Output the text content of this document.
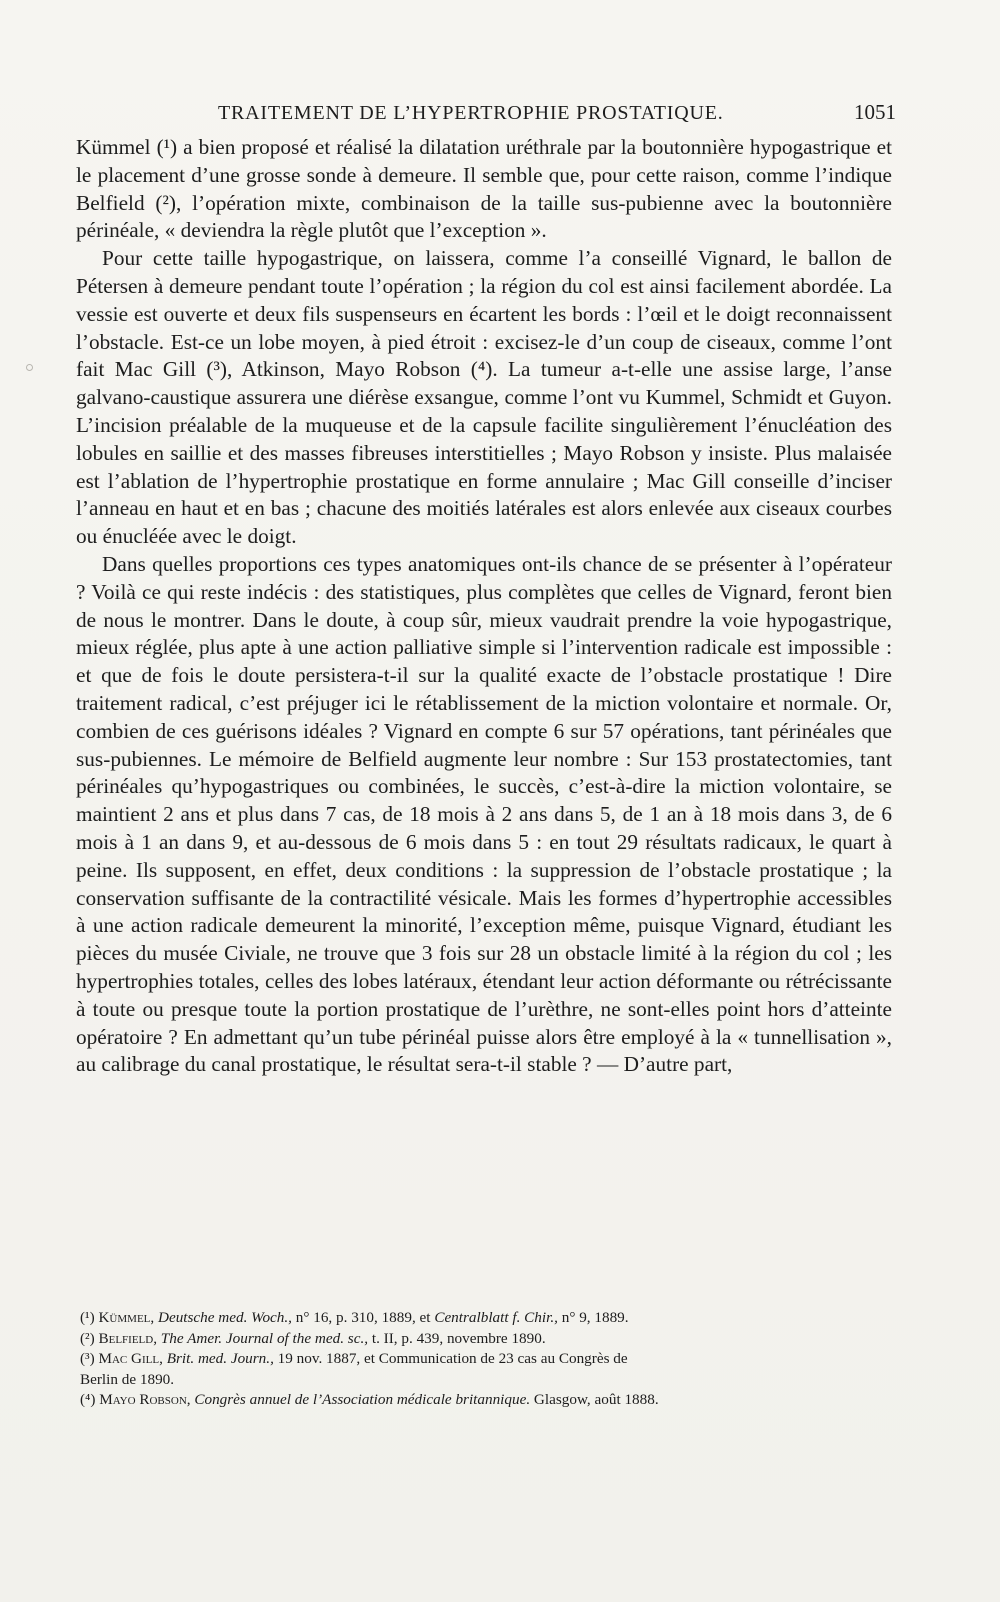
TRAITEMENT DE L’HYPERTROPHIE PROSTATIQUE.	1051

Kümmel (¹) a bien proposé et réalisé la dilatation uréthrale par la boutonnière hypogastrique et le placement d’une grosse sonde à demeure. Il semble que, pour cette raison, comme l’indique Belfield (²), l’opération mixte, combinaison de la taille sus-pubienne avec la boutonnière périnéale, « deviendra la règle plutôt que l’exception ».

Pour cette taille hypogastrique, on laissera, comme l’a conseillé Vignard, le ballon de Pétersen à demeure pendant toute l’opération ; la région du col est ainsi facilement abordée. La vessie est ouverte et deux fils suspenseurs en écartent les bords : l’œil et le doigt reconnaissent l’obstacle. Est-ce un lobe moyen, à pied étroit : excisez-le d’un coup de ciseaux, comme l’ont fait Mac Gill (³), Atkinson, Mayo Robson (⁴). La tumeur a-t-elle une assise large, l’anse galvano-caustique assurera une diérèse exsangue, comme l’ont vu Kummel, Schmidt et Guyon. L’incision préalable de la muqueuse et de la capsule facilite singulièrement l’énucléation des lobules en saillie et des masses fibreuses interstitielles ; Mayo Robson y insiste. Plus malaisée est l’ablation de l’hypertrophie prostatique en forme annulaire ; Mac Gill conseille d’inciser l’anneau en haut et en bas ; chacune des moitiés latérales est alors enlevée aux ciseaux courbes ou énucléée avec le doigt.

Dans quelles proportions ces types anatomiques ont-ils chance de se présenter à l’opérateur ? Voilà ce qui reste indécis : des statistiques, plus complètes que celles de Vignard, feront bien de nous le montrer. Dans le doute, à coup sûr, mieux vaudrait prendre la voie hypogastrique, mieux réglée, plus apte à une action palliative simple si l’intervention radicale est impossible : et que de fois le doute persistera-t-il sur la qualité exacte de l’obstacle prostatique ! Dire traitement radical, c’est préjuger ici le rétablissement de la miction volontaire et normale. Or, combien de ces guérisons idéales ? Vignard en compte 6 sur 57 opérations, tant périnéales que sus-pubiennes. Le mémoire de Belfield augmente leur nombre : Sur 153 prostatectomies, tant périnéales qu’hypogastriques ou combinées, le succès, c’est-à-dire la miction volontaire, se maintient 2 ans et plus dans 7 cas, de 18 mois à 2 ans dans 5, de 1 an à 18 mois dans 3, de 6 mois à 1 an dans 9, et au-dessous de 6 mois dans 5 : en tout 29 résultats radicaux, le quart à peine. Ils supposent, en effet, deux conditions : la suppression de l’obstacle prostatique ; la conservation suffisante de la contractilité vésicale. Mais les formes d’hypertrophie accessibles à une action radicale demeurent la minorité, l’exception même, puisque Vignard, étudiant les pièces du musée Civiale, ne trouve que 3 fois sur 28 un obstacle limité à la région du col ; les hypertrophies totales, celles des lobes latéraux, étendant leur action déformante ou rétrécissante à toute ou presque toute la portion prostatique de l’urèthre, ne sont-elles point hors d’atteinte opératoire ? En admettant qu’un tube périnéal puisse alors être employé à la « tunnellisation », au calibrage du canal prostatique, le résultat sera-t-il stable ? — D’autre part,

(¹) Kümmel, Deutsche med. Woch., n° 16, p. 310, 1889, et Centralblatt f. Chir., n° 9, 1889.

(²) Belfield, The Amer. Journal of the med. sc., t. II, p. 439, novembre 1890.

(³) Mac Gill, Brit. med. Journ., 19 nov. 1887, et Communication de 23 cas au Congrès de

Berlin de 1890.

(⁴) Mayo Robson, Congrès annuel de l’Association médicale britannique. Glasgow, août 1888.
